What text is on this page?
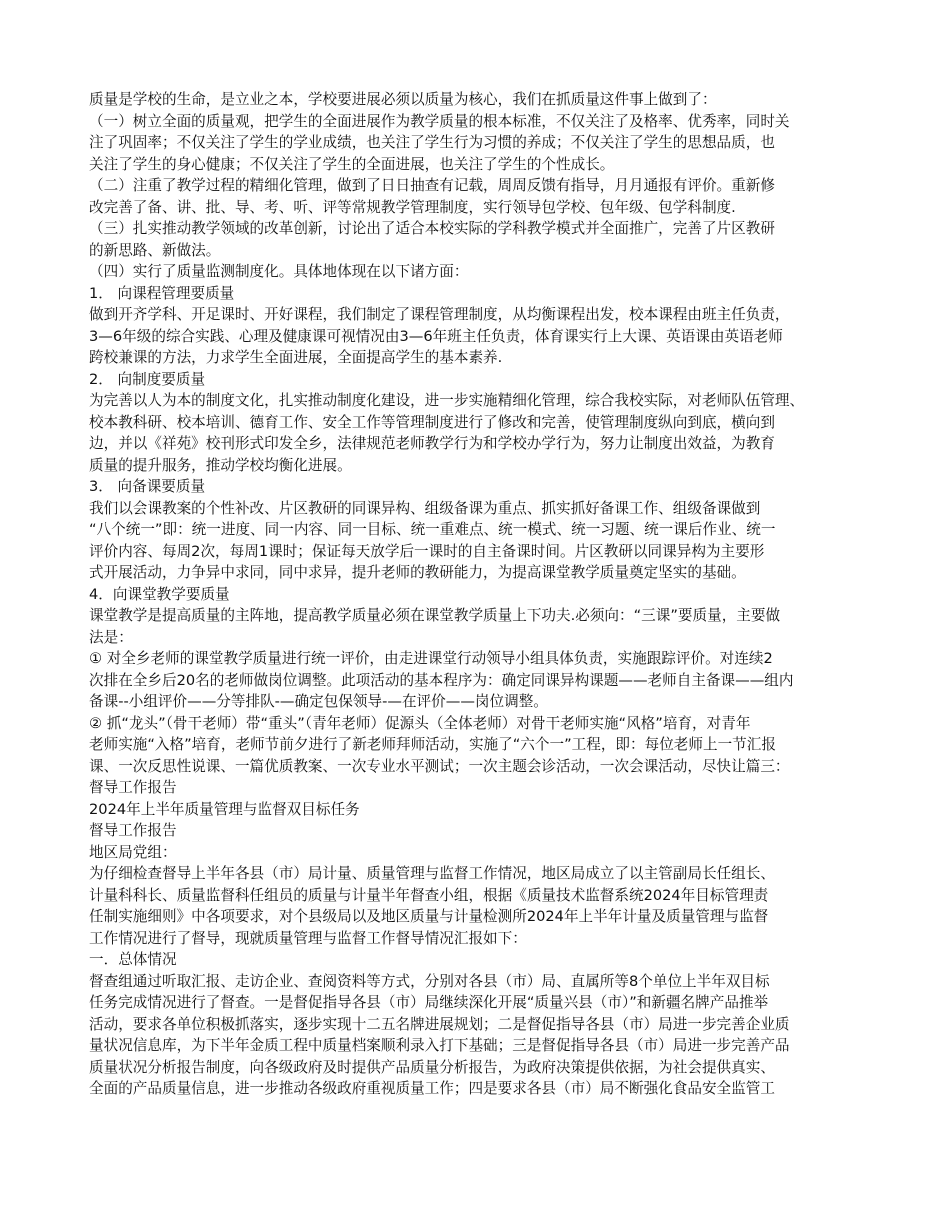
质量是学校的生命，是立业之本，学校要进展必须以质量为核心，我们在抓质量这件事上做到了：
（一）树立全面的质量观，把学生的全面进展作为教学质量的根本标准，不仅关注了及格率、优秀率，同时关
注了巩固率；不仅关注了学生的学业成绩，也关注了学生行为习惯的养成；不仅关注了学生的思想品质，也
关注了学生的身心健康；不仅关注了学生的全面进展，也关注了学生的个性成长。
（二）注重了教学过程的精细化管理，做到了日日抽查有记载，周周反馈有指导，月月通报有评价。重新修
改完善了备、讲、批、导、考、听、评等常规教学管理制度，实行领导包学校、包年级、包学科制度.
（三）扎实推动教学领域的改革创新，讨论出了适合本校实际的学科教学模式并全面推广，完善了片区教研
的新思路、新做法。
（四）实行了质量监测制度化。具体地体现在以下诸方面：
1． 向课程管理要质量
做到开齐学科、开足课时、开好课程，我们制定了课程管理制度，从均衡课程出发，校本课程由班主任负责，
3—6年级的综合实践、心理及健康课可视情况由3—6年班主任负责，体育课实行上大课、英语课由英语老师
跨校兼课的方法，力求学生全面进展，全面提高学生的基本素养.
2． 向制度要质量
为完善以人为本的制度文化，扎实推动制度化建设，进一步实施精细化管理，综合我校实际，对老师队伍管理、
校本教科研、校本培训、德育工作、安全工作等管理制度进行了修改和完善，使管理制度纵向到底，横向到
边，并以《祥苑》校刊形式印发全乡，法律规范老师教学行为和学校办学行为，努力让制度出效益，为教育
质量的提升服务，推动学校均衡化进展。
3． 向备课要质量
我们以会课教案的个性补改、片区教研的同课异构、组级备课为重点、抓实抓好备课工作、组级备课做到
“八个统一”即：统一进度、同一内容、同一目标、统一重难点、统一模式、统一习题、统一课后作业、统一
评价内容、每周2次，每周1课时；保证每天放学后一课时的自主备课时间。片区教研以同课异构为主要形
式开展活动，力争异中求同，同中求异，提升老师的教研能力，为提高课堂教学质量奠定坚实的基础。
4．向课堂教学要质量
课堂教学是提高质量的主阵地，提高教学质量必须在课堂教学质量上下功夫.必须向：“三课”要质量，主要做
法是：
① 对全乡老师的课堂教学质量进行统一评价，由走进课堂行动领导小组具体负责，实施跟踪评价。对连续2
次排在全乡后20名的老师做岗位调整。此项活动的基本程序为：确定同课异构课题——老师自主备课——组内
备课--小组评价——分等排队-—确定包保领导-—在评价——岗位调整。
② 抓“龙头”（骨干老师）带“重头”（青年老师）促源头（全体老师）对骨干老师实施“风格”培育，对青年
老师实施“入格”培育，老师节前夕进行了新老师拜师活动，实施了“六个一”工程，即：每位老师上一节汇报
课、一次反思性说课、一篇优质教案、一次专业水平测试；一次主题会诊活动，一次会课活动，尽快让篇三：
督导工作报告
2024年上半年质量管理与监督双目标任务
督导工作报告
地区局党组：
为仔细检查督导上半年各县（市）局计量、质量管理与监督工作情况，地区局成立了以主管副局长任组长、
计量科科长、质量监督科任组员的质量与计量半年督查小组，根据《质量技术监督系统2024年目标管理责
任制实施细则》中各项要求，对个县级局以及地区质量与计量检测所2024年上半年计量及质量管理与监督
工作情况进行了督导，现就质量管理与监督工作督导情况汇报如下：
一．总体情况
督查组通过听取汇报、走访企业、查阅资料等方式，分别对各县（市）局、直属所等8个单位上半年双目标
任务完成情况进行了督查。一是督促指导各县（市）局继续深化开展“质量兴县（市）”和新疆名牌产品推举
活动，要求各单位积极抓落实，逐步实现十二五名牌进展规划；二是督促指导各县（市）局进一步完善企业质
量状况信息库，为下半年金质工程中质量档案顺利录入打下基础；三是督促指导各县（市）局进一步完善产品
质量状况分析报告制度，向各级政府及时提供产品质量分析报告，为政府决策提供依据，为社会提供真实、
全面的产品质量信息，进一步推动各级政府重视质量工作；四是要求各县（市）局不断强化食品安全监管工
